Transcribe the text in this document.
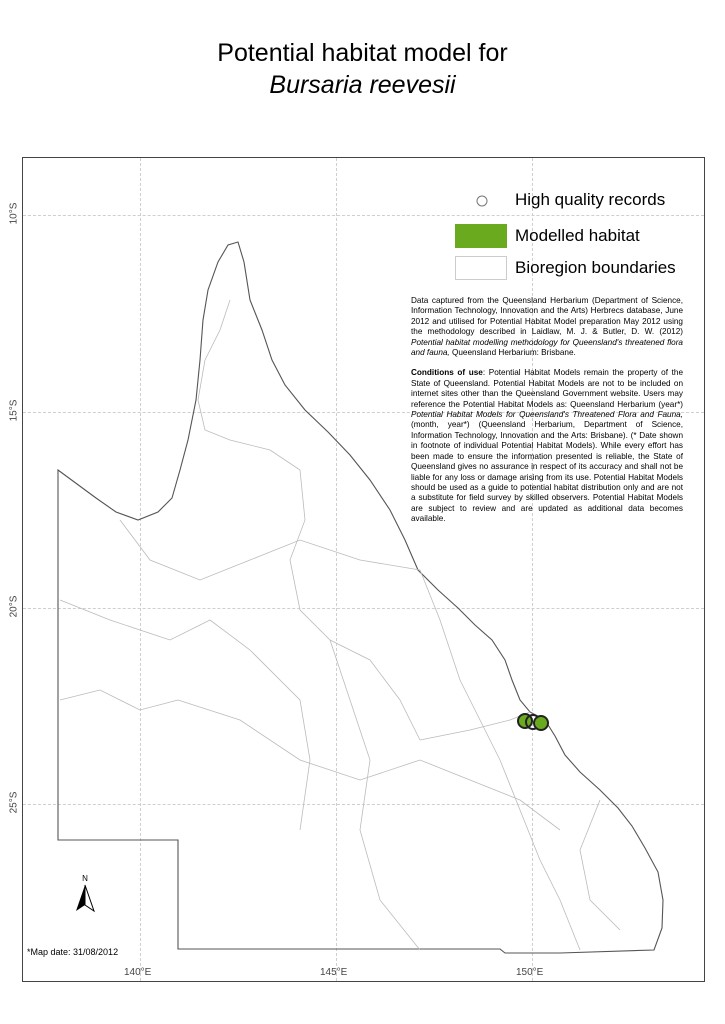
Potential habitat model for
Bursaria reevesii
10°S
15°S
20°S
25°S
140°E	145°E	150°E
High quality records
Modelled habitat
Bioregion boundaries

Data captured from the Queensland Herbarium (Department of Science, Information Technology, Innovation and the Arts) Herbrecs database, June 2012 and utilised for Potential Habitat Model preparation May 2012 using the methodology described in Laidlaw, M. J. & Butler, D. W. (2012) Potential habitat modelling methodology for Queensland's threatened flora and fauna, Queensland Herbarium: Brisbane.

Conditions of use: Potential Habitat Models remain the property of the State of Queensland. Potential Habitat Models are not to be included on internet sites other than the Queensland Government website. Users may reference the Potential Habitat Models as: Queensland Herbarium (year*) Potential Habitat Models for Queensland's Threatened Flora and Fauna, (month, year*) (Queensland Herbarium, Department of Science, Information Technology, Innovation and the Arts: Brisbane). (* Date shown in footnote of individual Potential Habitat Models). While every effort has been made to ensure the information presented is reliable, the State of Queensland gives no assurance in respect of its accuracy and shall not be liable for any loss or damage arising from its use. Potential Habitat Models should be used as a guide to potential habitat distribution only and are not a substitute for field survey by skilled observers. Potential Habitat Models are subject to review and are updated as additional data becomes available.

N
*Map date: 31/08/2012
